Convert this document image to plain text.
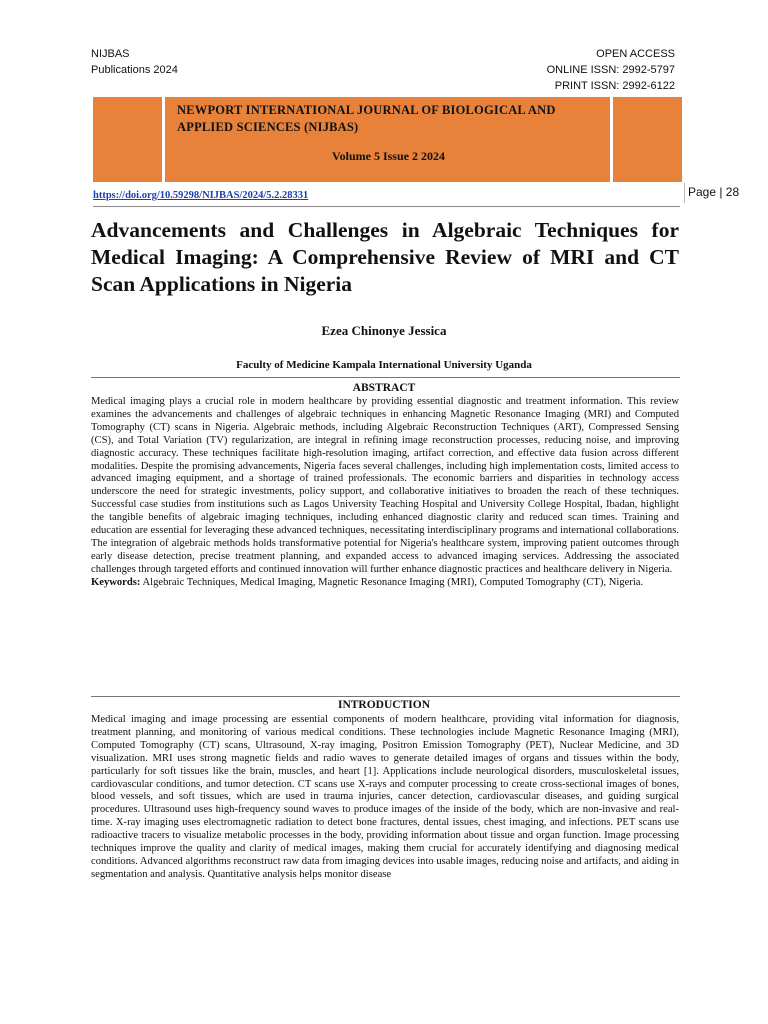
NIJBAS
Publications 2024
OPEN ACCESS
ONLINE ISSN: 2992-5797
PRINT ISSN: 2992-6122
NEWPORT INTERNATIONAL JOURNAL OF BIOLOGICAL AND APPLIED SCIENCES (NIJBAS)
Volume 5 Issue 2 2024
https://doi.org/10.59298/NIJBAS/2024/5.2.28331	Page | 28
Advancements and Challenges in Algebraic Techniques for Medical Imaging: A Comprehensive Review of MRI and CT Scan Applications in Nigeria
Ezea Chinonye Jessica
Faculty of Medicine Kampala International University Uganda
ABSTRACT
Medical imaging plays a crucial role in modern healthcare by providing essential diagnostic and treatment information. This review examines the advancements and challenges of algebraic techniques in enhancing Magnetic Resonance Imaging (MRI) and Computed Tomography (CT) scans in Nigeria. Algebraic methods, including Algebraic Reconstruction Techniques (ART), Compressed Sensing (CS), and Total Variation (TV) regularization, are integral in refining image reconstruction processes, reducing noise, and improving diagnostic accuracy. These techniques facilitate high-resolution imaging, artifact correction, and effective data fusion across different modalities. Despite the promising advancements, Nigeria faces several challenges, including high implementation costs, limited access to advanced imaging equipment, and a shortage of trained professionals. The economic barriers and disparities in technology access underscore the need for strategic investments, policy support, and collaborative initiatives to broaden the reach of these techniques. Successful case studies from institutions such as Lagos University Teaching Hospital and University College Hospital, Ibadan, highlight the tangible benefits of algebraic imaging techniques, including enhanced diagnostic clarity and reduced scan times. Training and education are essential for leveraging these advanced techniques, necessitating interdisciplinary programs and international collaborations. The integration of algebraic methods holds transformative potential for Nigeria's healthcare system, improving patient outcomes through early disease detection, precise treatment planning, and expanded access to advanced imaging services. Addressing the associated challenges through targeted efforts and continued innovation will further enhance diagnostic practices and healthcare delivery in Nigeria.
Keywords: Algebraic Techniques, Medical Imaging, Magnetic Resonance Imaging (MRI), Computed Tomography (CT), Nigeria.
INTRODUCTION
Medical imaging and image processing are essential components of modern healthcare, providing vital information for diagnosis, treatment planning, and monitoring of various medical conditions. These technologies include Magnetic Resonance Imaging (MRI), Computed Tomography (CT) scans, Ultrasound, X-ray imaging, Positron Emission Tomography (PET), Nuclear Medicine, and 3D visualization. MRI uses strong magnetic fields and radio waves to generate detailed images of organs and tissues within the body, particularly for soft tissues like the brain, muscles, and heart [1]. Applications include neurological disorders, musculoskeletal issues, cardiovascular conditions, and tumor detection. CT scans use X-rays and computer processing to create cross-sectional images of bones, blood vessels, and soft tissues, which are used in trauma injuries, cancer detection, cardiovascular diseases, and guiding surgical procedures. Ultrasound uses high-frequency sound waves to produce images of the inside of the body, which are non-invasive and real-time. X-ray imaging uses electromagnetic radiation to detect bone fractures, dental issues, chest imaging, and infections. PET scans use radioactive tracers to visualize metabolic processes in the body, providing information about tissue and organ function. Image processing techniques improve the quality and clarity of medical images, making them crucial for accurately identifying and diagnosing medical conditions. Advanced algorithms reconstruct raw data from imaging devices into usable images, reducing noise and artifacts, and aiding in segmentation and analysis. Quantitative analysis helps monitor disease
